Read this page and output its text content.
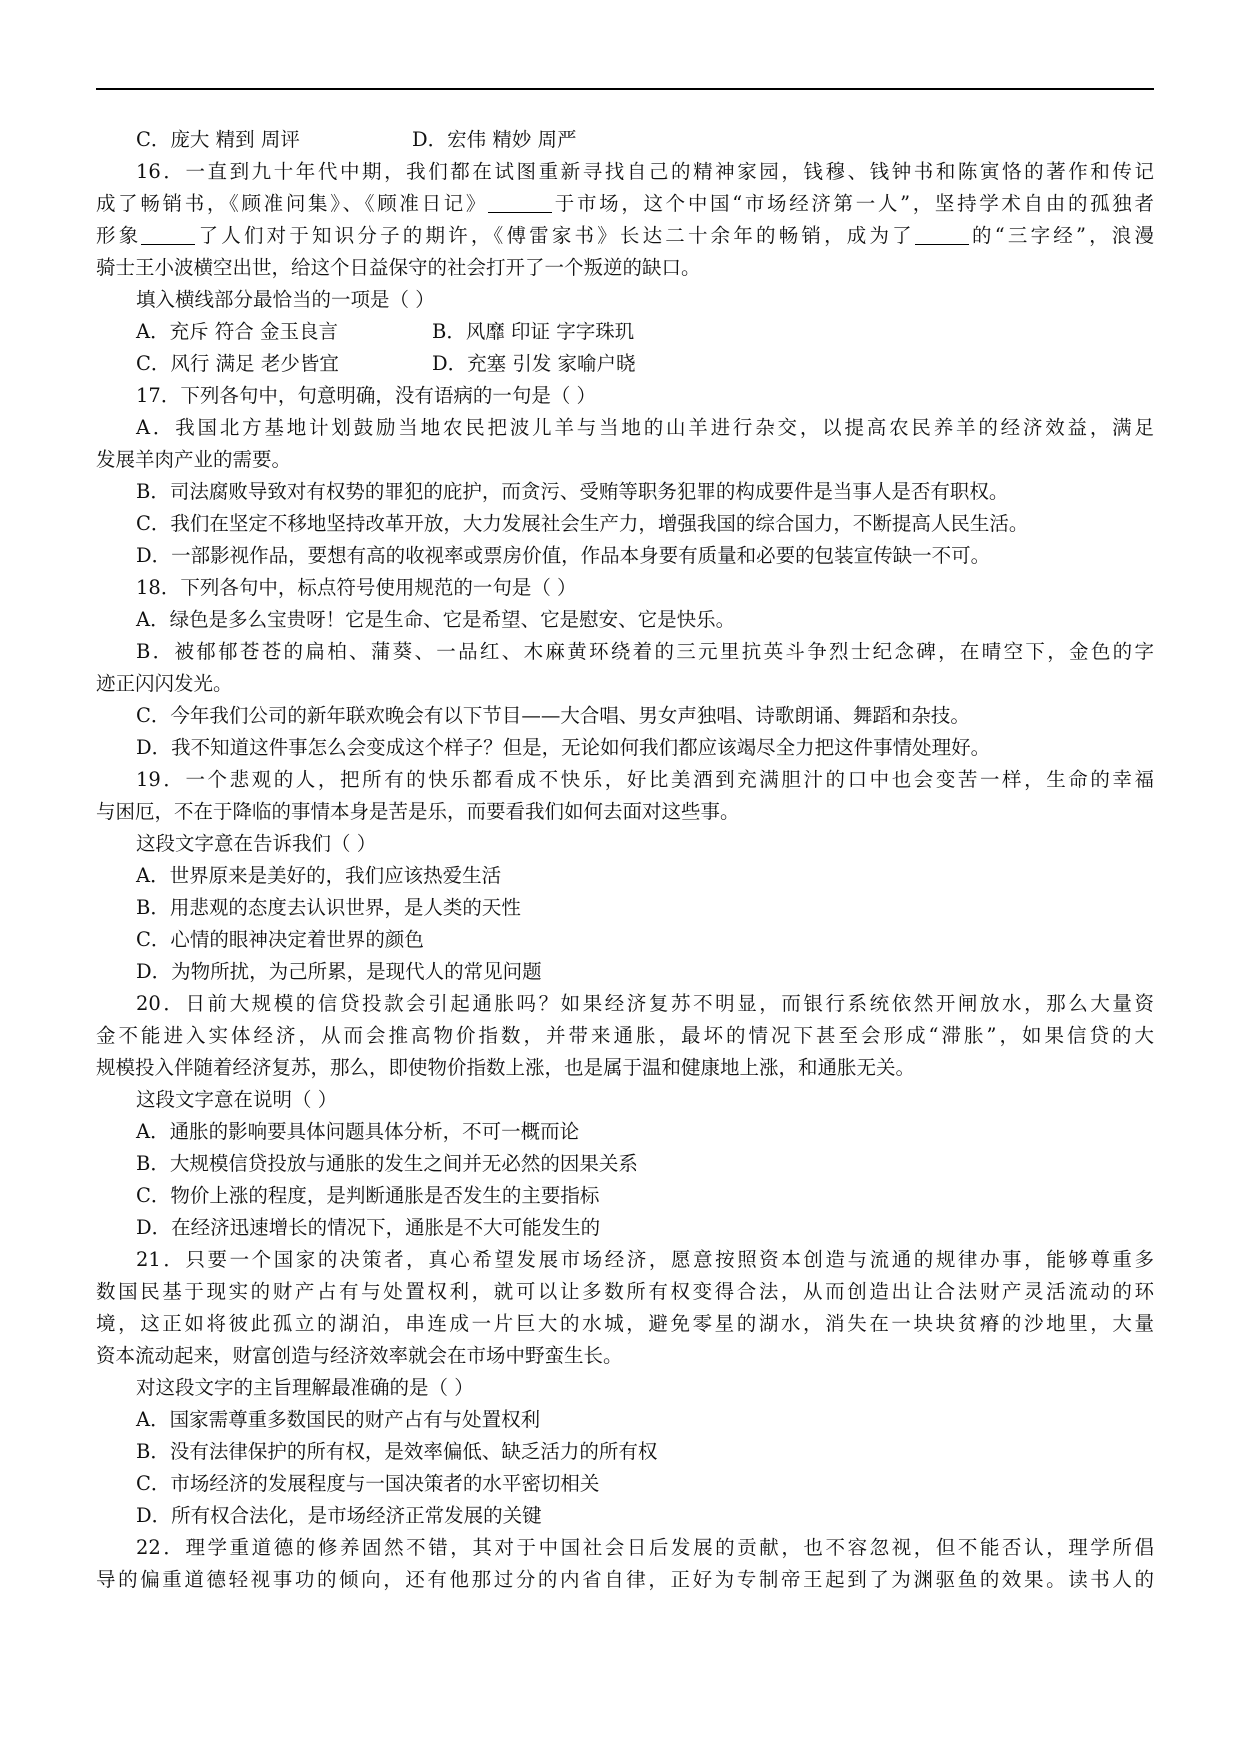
C．庞大 精到 周评	D．宏伟 精妙 周严
16．一直到九十年代中期，我们都在试图重新寻找自己的精神家园，钱穆、钱钟书和陈寅恪的著作和传记
成了畅销书，《顾准问集》、《顾准日记》	于市场，这个中国“市场经济第一人”，坚持学术自由的孤独者
形象	了人们对于知识分子的期许，《傅雷家书》长达二十余年的畅销，成为了	的“三字经”，浪漫
骑士王小波横空出世，给这个日益保守的社会打开了一个叛逆的缺口。
填入横线部分最恰当的一项是（ ）
A．充斥 符合 金玉良言	B．风靡 印证 字字珠玑
C．风行 满足 老少皆宜	D．充塞 引发 家喻户晓
17．下列各句中，句意明确，没有语病的一句是（ ）
A．我国北方基地计划鼓励当地农民把波儿羊与当地的山羊进行杂交，以提高农民养羊的经济效益，满足
发展羊肉产业的需要。
B．司法腐败导致对有权势的罪犯的庇护，而贪污、受贿等职务犯罪的构成要件是当事人是否有职权。
C．我们在坚定不移地坚持改革开放，大力发展社会生产力，增强我国的综合国力，不断提高人民生活。
D．一部影视作品，要想有高的收视率或票房价值，作品本身要有质量和必要的包装宣传缺一不可。
18．下列各句中，标点符号使用规范的一句是（ ）
A．绿色是多么宝贵呀！它是生命、它是希望、它是慰安、它是快乐。
B．被郁郁苍苍的扁柏、蒲葵、一品红、木麻黄环绕着的三元里抗英斗争烈士纪念碑，在晴空下，金色的字
迹正闪闪发光。
C．今年我们公司的新年联欢晚会有以下节目——大合唱、男女声独唱、诗歌朗诵、舞蹈和杂技。
D．我不知道这件事怎么会变成这个样子？但是，无论如何我们都应该竭尽全力把这件事情处理好。
19．一个悲观的人，把所有的快乐都看成不快乐，好比美酒到充满胆汁的口中也会变苦一样，生命的幸福
与困厄，不在于降临的事情本身是苦是乐，而要看我们如何去面对这些事。
这段文字意在告诉我们（ ）
A．世界原来是美好的，我们应该热爱生活
B．用悲观的态度去认识世界，是人类的天性
C．心情的眼神决定着世界的颜色
D．为物所扰，为己所累，是现代人的常见问题
20．日前大规模的信贷投款会引起通胀吗？如果经济复苏不明显，而银行系统依然开闸放水，那么大量资
金不能进入实体经济，从而会推高物价指数，并带来通胀，最坏的情况下甚至会形成“滞胀”，如果信贷的大
规模投入伴随着经济复苏，那么，即使物价指数上涨，也是属于温和健康地上涨，和通胀无关。
这段文字意在说明（ ）
A．通胀的影响要具体问题具体分析，不可一概而论
B．大规模信贷投放与通胀的发生之间并无必然的因果关系
C．物价上涨的程度，是判断通胀是否发生的主要指标
D．在经济迅速增长的情况下，通胀是不大可能发生的
21．只要一个国家的决策者，真心希望发展市场经济，愿意按照资本创造与流通的规律办事，能够尊重多
数国民基于现实的财产占有与处置权利，就可以让多数所有权变得合法，从而创造出让合法财产灵活流动的环
境，这正如将彼此孤立的湖泊，串连成一片巨大的水城，避免零星的湖水，消失在一块块贫瘠的沙地里，大量
资本流动起来，财富创造与经济效率就会在市场中野蛮生长。
对这段文字的主旨理解最准确的是（ ）
A．国家需尊重多数国民的财产占有与处置权利
B．没有法律保护的所有权，是效率偏低、缺乏活力的所有权
C．市场经济的发展程度与一国决策者的水平密切相关
D．所有权合法化，是市场经济正常发展的关键
22．理学重道德的修养固然不错，其对于中国社会日后发展的贡献，也不容忽视，但不能否认，理学所倡
导的偏重道德轻视事功的倾向，还有他那过分的内省自律，正好为专制帝王起到了为渊驱鱼的效果。读书人的
